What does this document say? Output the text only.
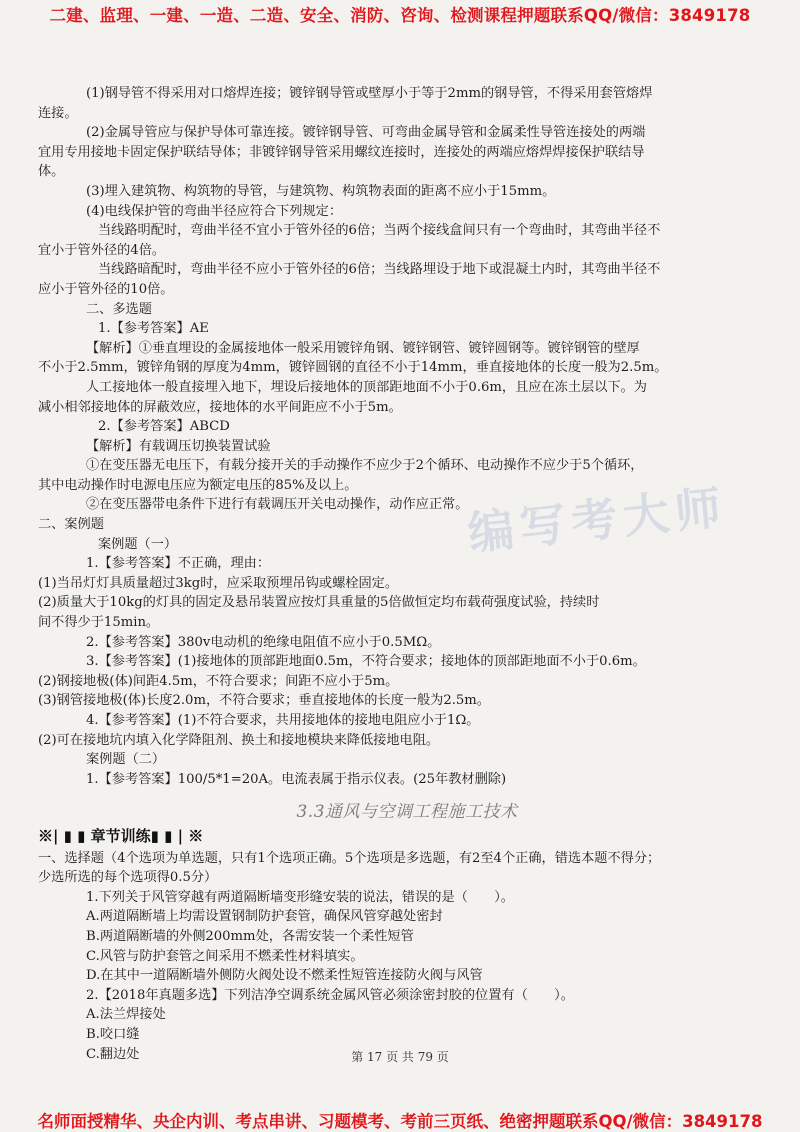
二建、监理、一建、一造、二造、安全、消防、咨询、检测课程押题联系QQ/微信：3849178
编写考大师
(1)钢导管不得采用对口熔焊连接；镀锌钢导管或壁厚小于等于2mm的钢导管，不得采用套管熔焊
连接。
(2)金属导管应与保护导体可靠连接。镀锌钢导管、可弯曲金属导管和金属柔性导管连接处的两端
宜用专用接地卡固定保护联结导体；非镀锌钢导管采用螺纹连接时，连接处的两端应熔焊焊接保护联结导
体。
(3)埋入建筑物、构筑物的导管，与建筑物、构筑物表面的距离不应小于15mm。
(4)电线保护管的弯曲半径应符合下列规定：
当线路明配时，弯曲半径不宜小于管外径的6倍；当两个接线盒间只有一个弯曲时，其弯曲半径不
宜小于管外径的4倍。
当线路暗配时，弯曲半径不应小于管外径的6倍；当线路埋设于地下或混凝土内时，其弯曲半径不
应小于管外径的10倍。
二、多选题
1.【参考答案】AE
【解析】①垂直埋设的金属接地体一般采用镀锌角钢、镀锌钢管、镀锌圆钢等。镀锌钢管的壁厚
不小于2.5mm，镀锌角钢的厚度为4mm，镀锌圆钢的直径不小于14mm，垂直接地体的长度一般为2.5m。
人工接地体一般直接埋入地下，埋设后接地体的顶部距地面不小于0.6m，且应在冻土层以下。为
减小相邻接地体的屏蔽效应，接地体的水平间距应不小于5m。
2.【参考答案】ABCD
【解析】有载调压切换装置试验
①在变压器无电压下，有载分接开关的手动操作不应少于2个循环、电动操作不应少于5个循环，
其中电动操作时电源电压应为额定电压的85%及以上。
②在变压器带电条件下进行有载调压开关电动操作，动作应正常。
二、案例题
案例题（一）
1.【参考答案】不正确，理由：
(1)当吊灯灯具质量超过3kg时，应采取预埋吊钩或螺栓固定。
(2)质量大于10kg的灯具的固定及悬吊装置应按灯具重量的5倍做恒定均布载荷强度试验，持续时
间不得少于15min。
2.【参考答案】380v电动机的绝缘电阻值不应小于0.5MΩ。
3.【参考答案】(1)接地体的顶部距地面0.5m，不符合要求；接地体的顶部距地面不小于0.6m。
(2)钢接地极(体)间距4.5m，不符合要求；间距不应小于5m。
(3)钢管接地极(体)长度2.0m，不符合要求；垂直接地体的长度一般为2.5m。
4.【参考答案】(1)不符合要求，共用接地体的接地电阻应小于1Ω。
(2)可在接地坑内填入化学降阻剂、换土和接地模块来降低接地电阻。
案例题（二）
1.【参考答案】100/5*1=20A。电流表属于指示仪表。(25年教材删除)
3.3通风与空调工程施工技术
※| ▮ ▮ 章节训练▮ ▮ | ※
一、选择题（4个选项为单选题，只有1个选项正确。5个选项是多选题，有2至4个正确，错选本题不得分；
少选所选的每个选项得0.5分）
1.下列关于风管穿越有两道隔断墙变形缝安装的说法，错误的是（　　）。
A.两道隔断墙上均需设置钢制防护套管，确保风管穿越处密封
B.两道隔断墙的外侧200mm处，各需安装一个柔性短管
C.风管与防护套管之间采用不燃柔性材料填实。
D.在其中一道隔断墙外侧防火阀处设不燃柔性短管连接防火阀与风管
2.【2018年真题多选】下列洁净空调系统金属风管必须涂密封胶的位置有（　　）。
A.法兰焊接处
B.咬口缝
C.翻边处	第 17 页 共 79 页
名师面授精华、央企内训、考点串讲、习题模考、考前三页纸、绝密押题联系QQ/微信：3849178
